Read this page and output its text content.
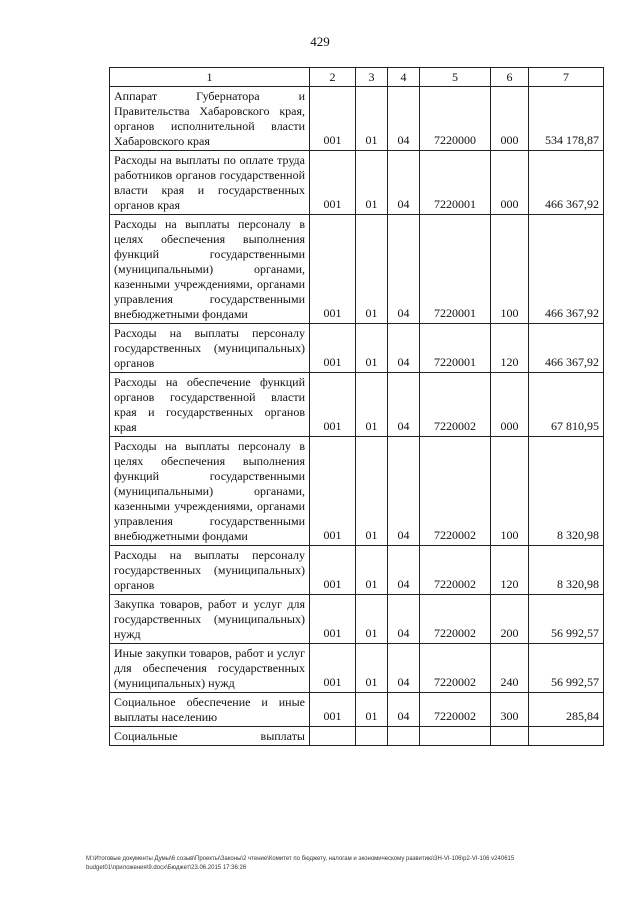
429
1	2	3	4	5	6	7
Аппарат Губернатора и Правительства Хабаровского края, органов исполнительной власти Хабаровского края	001	01	04	7220000	000	534 178,87
Расходы на выплаты по оплате труда работников органов государственной власти края и государственных органов края	001	01	04	7220001	000	466 367,92
Расходы на выплаты персоналу в целях обеспечения выполнения функций государственными (муниципальными) органами, казенными учреждениями, органами управления государственными внебюджетными фондами	001	01	04	7220001	100	466 367,92
Расходы на выплаты персоналу государственных (муниципальных) органов	001	01	04	7220001	120	466 367,92
Расходы на обеспечение функций органов государственной власти края и государственных органов края	001	01	04	7220002	000	67 810,95
Расходы на выплаты персоналу в целях обеспечения выполнения функций государственными (муниципальными) органами, казенными учреждениями, органами управления государственными внебюджетными фондами	001	01	04	7220002	100	8 320,98
Расходы на выплаты персоналу государственных (муниципальных) органов	001	01	04	7220002	120	8 320,98
Закупка товаров, работ и услуг для государственных (муниципальных) нужд	001	01	04	7220002	200	56 992,57
Иные закупки товаров, работ и услуг для обеспечения государственных (муниципальных) нужд	001	01	04	7220002	240	56 992,57
Социальное обеспечение и иные выплаты населению	001	01	04	7220002	300	285,84
Социальные выплаты						
M:\Итоговые документы Думы\6 созыв\Проекты\Законы\2 чтение\Комитет по бюджету, налогам и экономическому развитию\3Н-VI-106\р2-VI-106 v240615 budget01\приложения\9.docx\Бюджет\23.06.2015 17:36:26
